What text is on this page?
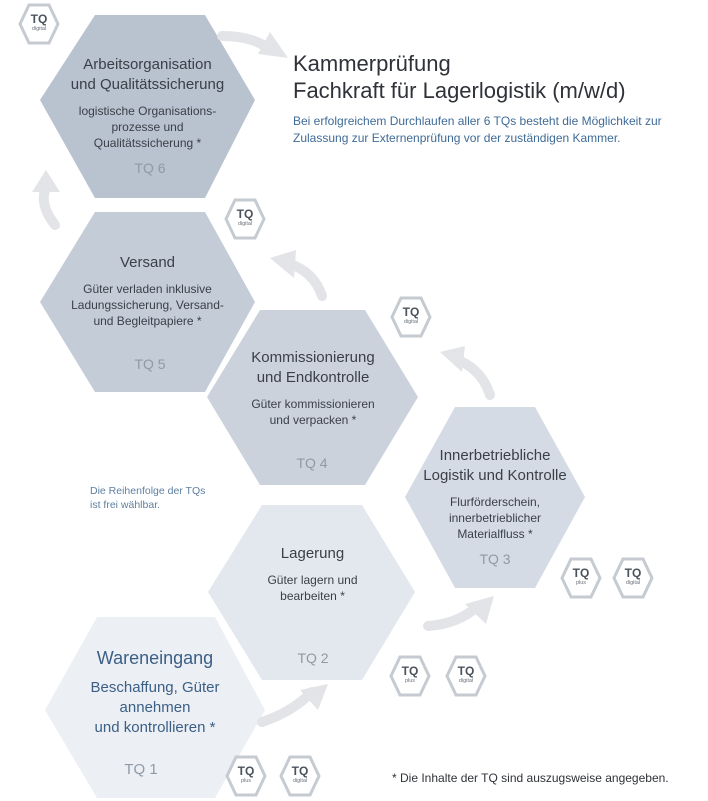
Kammerprüfung
Fachkraft für Lagerlogistik (m/w/d)
Bei erfolgreichem Durchlaufen aller 6 TQs besteht die Möglichkeit zur
Zulassung zur Externenprüfung vor der zuständigen Kammer.
Arbeitsorganisation
und Qualitätssicherung
logistische Organisations-
prozesse und
Qualitätssicherung *
TQ 6
Versand
Güter verladen inklusive
Ladungssicherung, Versand-
und Begleitpapiere *
TQ 5	Kommissionierung
und Endkontrolle
Güter kommissionieren
und verpacken *
TQ 4	Innerbetriebliche
Logistik und Kontrolle
Flurförderschein,
innerbetrieblicher
Materialfluss *
TQ 3
Lagerung
Güter lagern und
bearbeiten *
TQ 2
Wareneingang
Beschaffung, Güter
annehmen
und kontrollieren *
TQ 1
Die Reihenfolge der TQs
ist frei wählbar.
* Die Inhalte der TQ sind auszugsweise angegeben.
TQ
digital
TQ
digital
TQ
digital
TQ
plus
TQ
digital
TQ
plus
TQ
digital
TQ
plus
TQ
digital
